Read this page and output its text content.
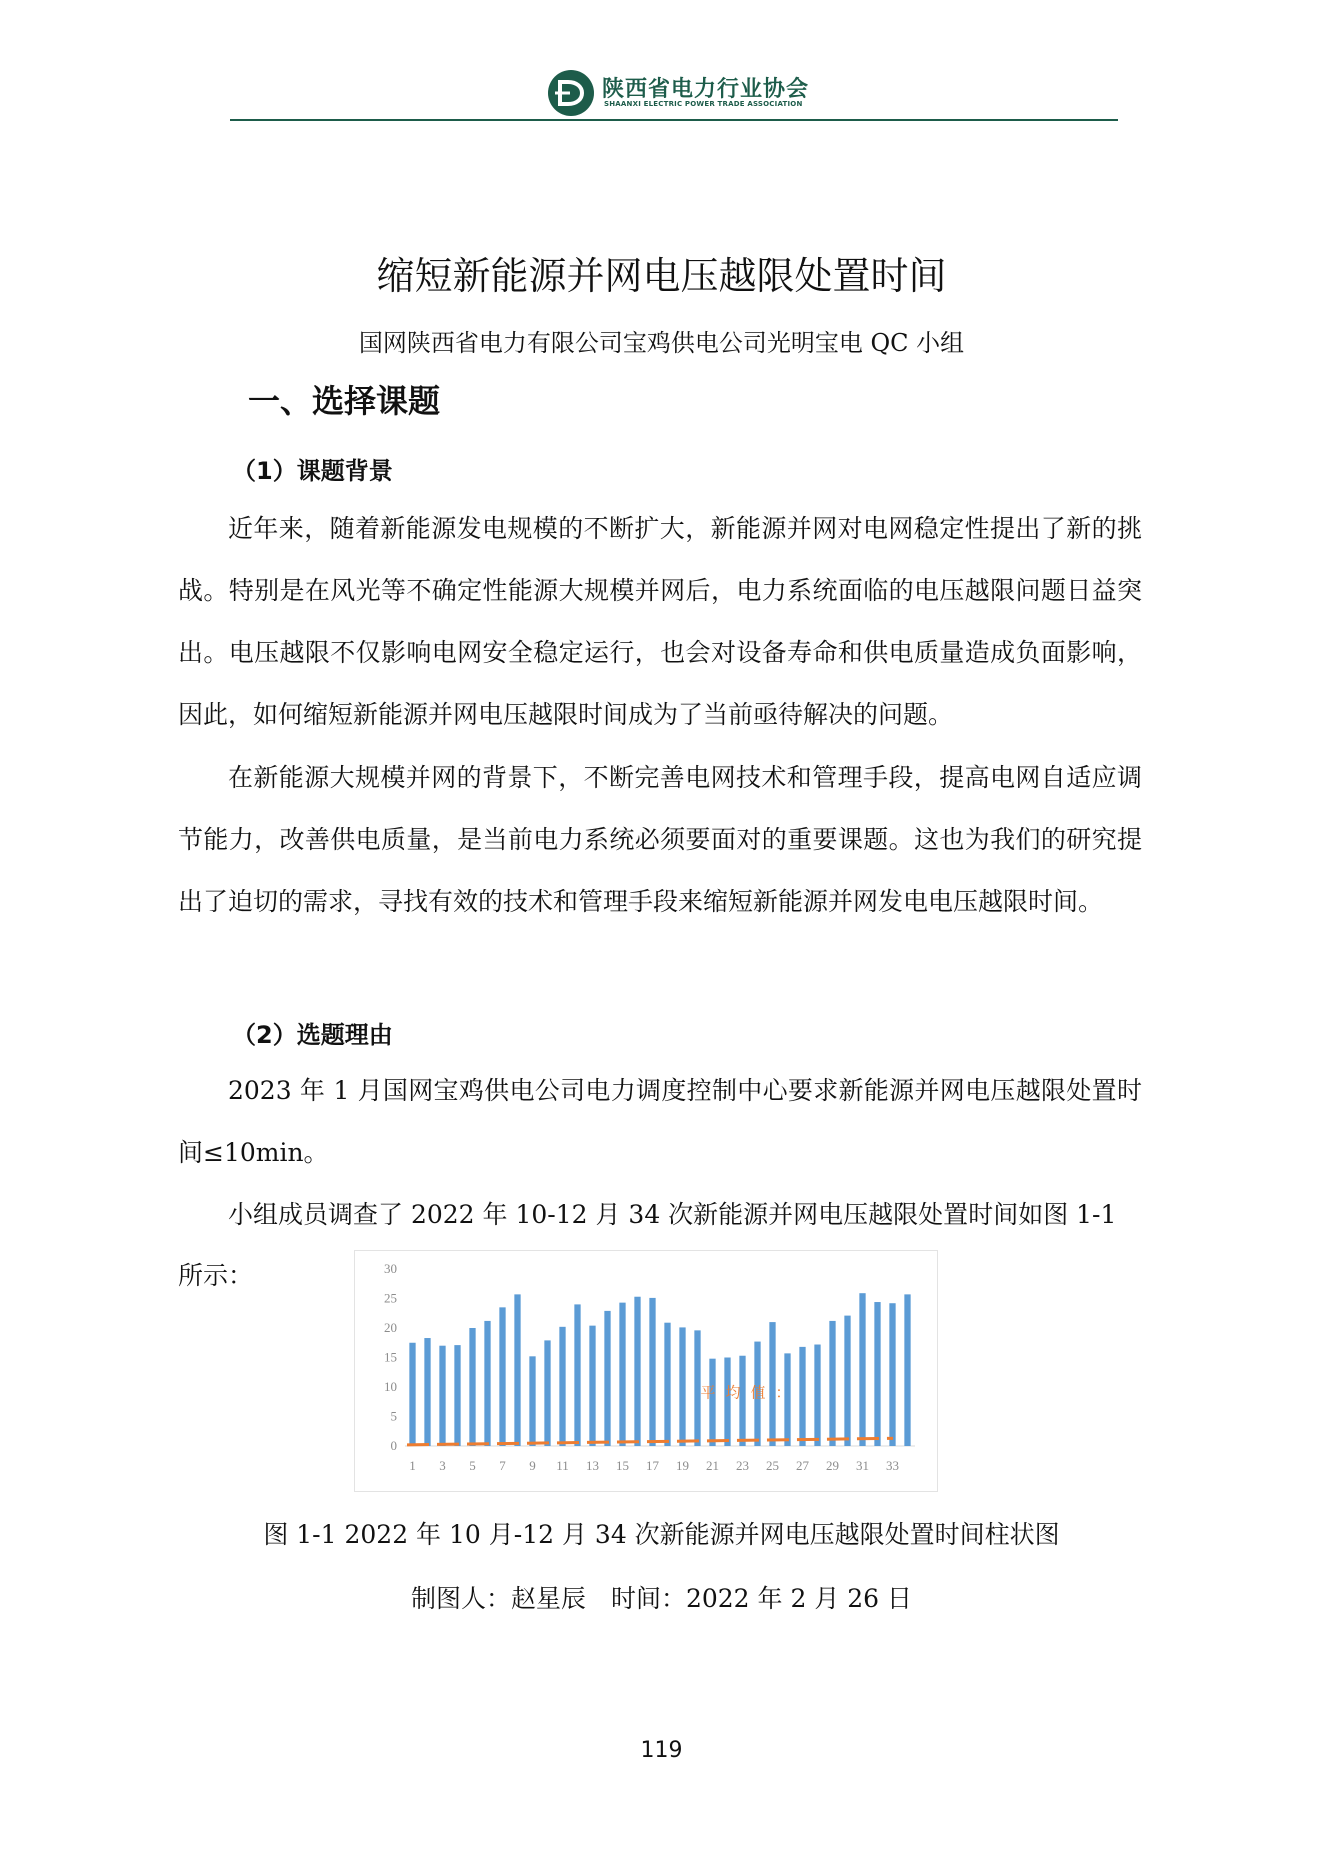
陕西省电力行业协会
SHAANXI ELECTRIC POWER TRADE ASSOCIATION
缩短新能源并网电压越限处置时间
国网陕西省电力有限公司宝鸡供电公司光明宝电 QC 小组
一、选择课题
（1）课题背景

近年来，随着新能源发电规模的不断扩大，新能源并网对电网稳定性提出了新的挑战。特别是在风光等不确定性能源大规模并网后，电力系统面临的电压越限问题日益突出。电压越限不仅影响电网安全稳定运行，也会对设备寿命和供电质量造成负面影响，因此，如何缩短新能源并网电压越限时间成为了当前亟待解决的问题。

在新能源大规模并网的背景下，不断完善电网技术和管理手段，提高电网自适应调节能力，改善供电质量，是当前电力系统必须要面对的重要课题。这也为我们的研究提出了迫切的需求，寻找有效的技术和管理手段来缩短新能源并网发电电压越限时间。

（2）选题理由

2023 年 1 月国网宝鸡供电公司电力调度控制中心要求新能源并网电压越限处置时间≤10min。

小组成员调查了 2022 年 10-12 月 34 次新能源并网电压越限处置时间如图 1-1

所示：
0
5
10
15
20
25
30
平均值：
1 3 5 7 9 11 13 15 17 19 21 23 25 27 29 31 33
图 1-1 2022 年 10 月-12 月 34 次新能源并网电压越限处置时间柱状图
制图人：赵星辰　时间：2022 年 2 月 26 日
119
